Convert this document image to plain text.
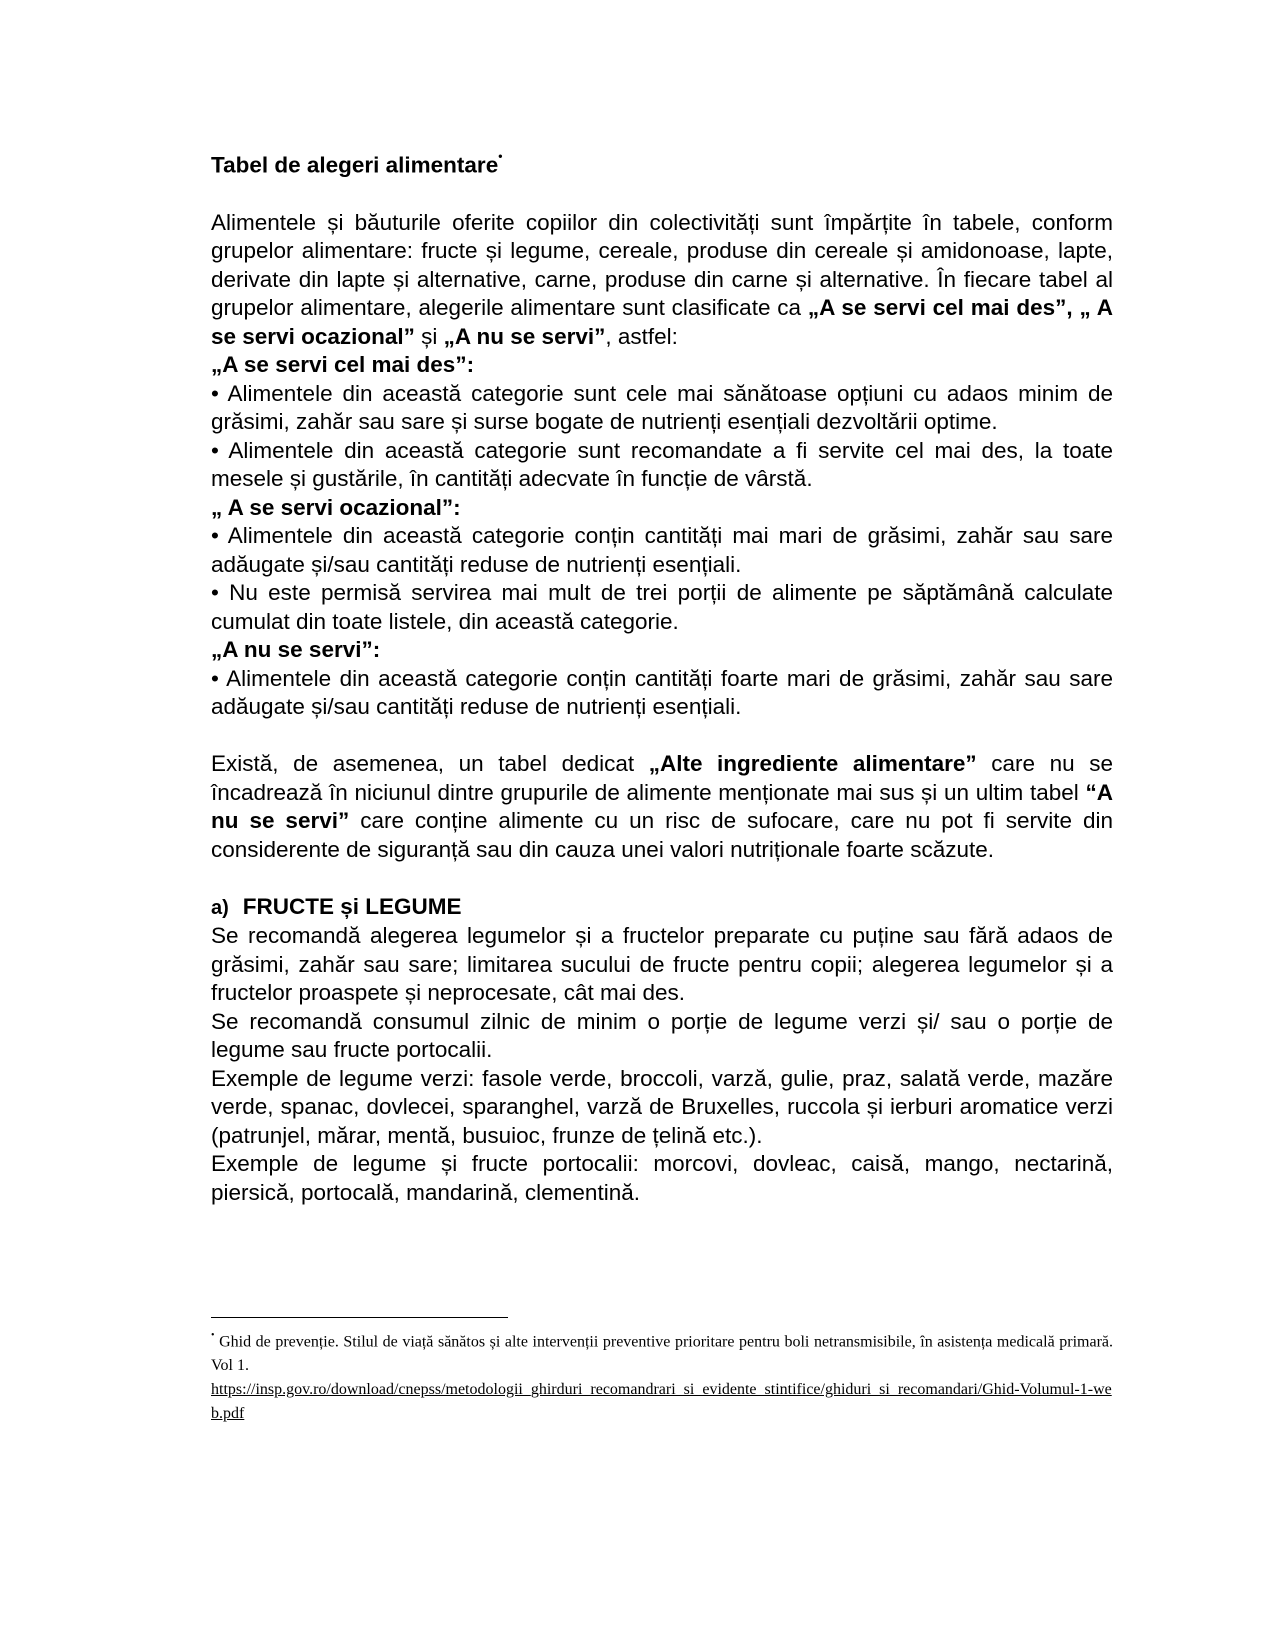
Tabel de alegeri alimentare•

Alimentele și băuturile oferite copiilor din colectivități sunt împărțite în tabele, conform grupelor alimentare: fructe și legume, cereale, produse din cereale și amidonoase, lapte, derivate din lapte și alternative, carne, produse din carne și alternative. În fiecare tabel al grupelor alimentare, alegerile alimentare sunt clasificate ca „A se servi cel mai des”, „ A se servi ocazional” și „A nu se servi”, astfel:

„A se servi cel mai des”:

• Alimentele din această categorie sunt cele mai sănătoase opțiuni cu adaos minim de grăsimi, zahăr sau sare și surse bogate de nutrienți esențiali dezvoltării optime.

• Alimentele din această categorie sunt recomandate a fi servite cel mai des, la toate mesele și gustările, în cantități adecvate în funcție de vârstă.

„ A se servi ocazional”:

• Alimentele din această categorie conțin cantități mai mari de grăsimi, zahăr sau sare adăugate și/sau cantități reduse de nutrienți esențiali.

• Nu este permisă servirea mai mult de trei porții de alimente pe săptămână calculate cumulat din toate listele, din această categorie.

„A nu se servi”:

• Alimentele din această categorie conțin cantități foarte mari de grăsimi, zahăr sau sare adăugate și/sau cantități reduse de nutrienți esențiali.

Există, de asemenea, un tabel dedicat „Alte ingrediente alimentare” care nu se încadrează în niciunul dintre grupurile de alimente menționate mai sus și un ultim tabel “A nu se servi” care conține alimente cu un risc de sufocare, care nu pot fi servite din considerente de siguranță sau din cauza unei valori nutriționale foarte scăzute.

a) FRUCTE și LEGUME

Se recomandă alegerea legumelor și a fructelor preparate cu puține sau fără adaos de grăsimi, zahăr sau sare; limitarea sucului de fructe pentru copii; alegerea legumelor și a fructelor proaspete și neprocesate, cât mai des.

Se recomandă consumul zilnic de minim o porție de legume verzi și/ sau o porție de legume sau fructe portocalii.

Exemple de legume verzi: fasole verde, broccoli, varză, gulie, praz, salată verde, mazăre verde, spanac, dovlecei, sparanghel, varză de Bruxelles, ruccola și ierburi aromatice verzi (patrunjel, mărar, mentă, busuioc, frunze de țelină etc.).

Exemple de legume și fructe portocalii: morcovi, dovleac, caisă, mango, nectarină, piersică, portocală, mandarină, clementină.

• Ghid de prevenție. Stilul de viață sănătos și alte intervenții preventive prioritare pentru boli netransmisibile, în asistența medicală primară. Vol 1.
https://insp.gov.ro/download/cnepss/metodologii_ghirduri_recomandrari_si_evidente_stintifice/ghiduri_si_recomandari/Ghid-Volumul-1-web.pdf
